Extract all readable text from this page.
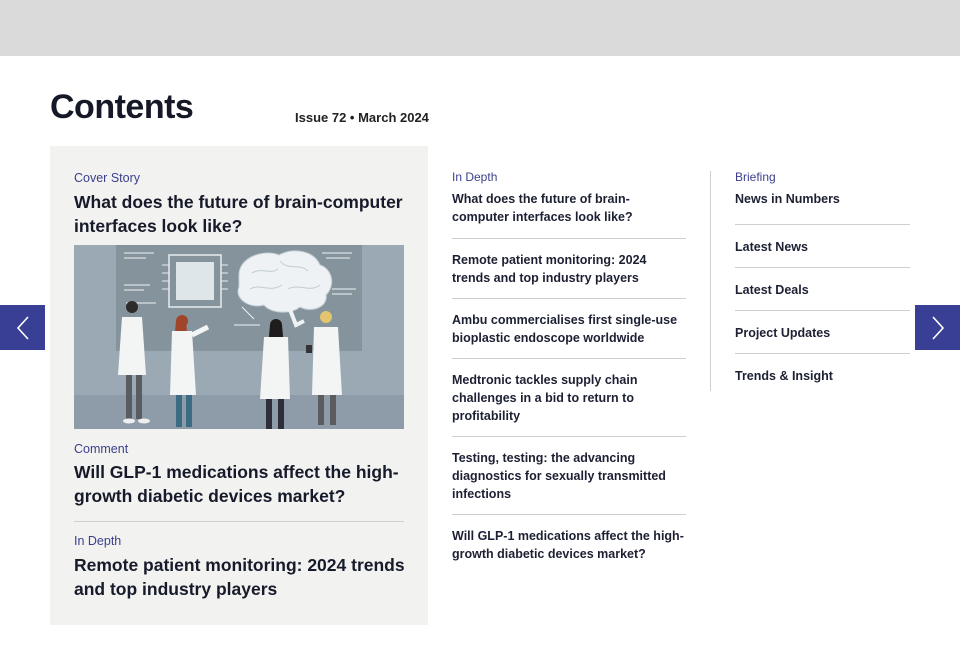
Contents	Issue 72 • March 2024
Cover Story
What does the future of brain-computer interfaces look like?
Comment
Will GLP-1 medications affect the high-growth diabetic devices market?
In Depth
Remote patient monitoring: 2024 trends and top industry players
In Depth
What does the future of brain-computer interfaces look like?
Remote patient monitoring: 2024 trends and top industry players
Ambu commercialises first single-use bioplastic endoscope worldwide
Medtronic tackles supply chain challenges in a bid to return to profitability
Testing, testing: the advancing diagnostics for sexually transmitted infections
Will GLP-1 medications affect the high-growth diabetic devices market?
Briefing
News in Numbers
Latest News
Latest Deals
Project Updates
Trends & Insight
